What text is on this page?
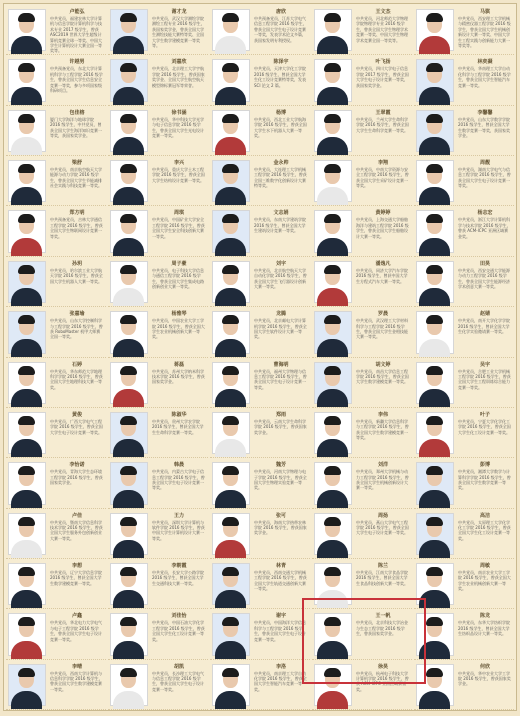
卢能弘
中共党员，福建农林大学计算机与信息学院计算机科学与技术专业 2017 级学生，曾获 ASC2019 世界大学生超级计算机竞赛全球一等奖、中国大学生计算机设计大赛全国一等奖等。
谢才龙
中共党员，武汉大学测绘学院测绘工程专业 2016 级学生，获国家奖学金，曾获全国大学生测绘技能大赛特等奖、全国大学生数学建模竞赛一等奖等。
唐欣
中共预备党员，江苏大学电气信息工程学院 2016 级学生，曾获全国大学生电子设计竞赛一等奖，发表学术论文多篇，获国家发明专利授权。
王文杰
中共党员，河北师范大学物理学院物理学专业 2016 级学生，曾获全国大学生物理学术竞赛一等奖、中国大学生物理学术竞赛全国一等奖等。
马骐
中共党员，西安理工大学机械与精密仪器工程学院 2016 级学生，曾获全国大学生机械创新设计大赛一等奖、中国大学生工程实践与创新能力大赛一等奖等。
许越男
中共预备党员，东北大学计算机科学与工程学院 2016 级学生，曾获全国大学生信息安全竞赛一等奖，参与多项国家级科研项目。
刘嘉欣
中共党员，北京理工大学宇航学院 2016 级学生，曾获国家奖学金、全国大学生航空航天模型锦标赛冠军等荣誉。
陈泽宇
中共党员，天津大学化工学院 2016 级学生，曾获全国大学生化工设计竞赛特等奖，发表 SCI 论文 2 篇。
叶飞扬
中共党员，四川大学电子信息学院 2017 级学生，曾获全国大学生电子设计竞赛一等奖，获国家奖学金。
林奕凝
中共党员，华南理工大学自动化科学与工程学院 2016 级学生，曾获全国大学生智能汽车竞赛一等奖。
包佳榕
厦门大学海洋与地球学院 2016 级学生，中共党员，曾获全国大学生海洋知识竞赛一等奖，获国家奖学金。
徐书涵
中共党员，华中科技大学光学与电子信息学院 2016 级学生，曾获全国大学生光电设计竞赛一等奖。
杨博
中共党员，西北工业大学航海学院 2016 级学生，曾获全国大学生水下机器人大赛一等奖。
王翠霞
中共党员，兰州大学生命科学学院 2016 级学生，曾获全国大学生生命科学竞赛一等奖。
李馨馨
中共党员，山东大学数学学院 2016 级学生，曾获全国大学生数学竞赛一等奖，获国家奖学金。
梁舒
中共党员，南京航空航天大学能源与动力学院 2016 级学生，曾获全国大学生节能减排社会实践与科技竞赛一等奖。
李兴
中共党员，重庆大学土木工程学院 2016 级学生，曾获全国大学生结构设计竞赛一等奖。
金永帅
中共党员，大连理工大学机械工程学院 2016 级学生，曾获全国三维数字化创新设计大赛特等奖。
李翔
中共党员，中南大学资源与安全工程学院 2016 级学生，曾获全国大学生采矿设计竞赛一等奖。
周靓
中共党员，湖南大学电气与信息工程学院 2016 级学生，曾获全国大学生电子设计竞赛一等奖。
郑方明
中共预备党员，吉林大学通信工程学院 2016 级学生，曾获全国大学生物联网设计竞赛一等奖。
周琪
中共党员，中国矿业大学安全工程学院 2016 级学生，曾获全国大学生安全科技创新大赛一等奖。
文志娟
中共党员，东南大学建筑学院 2016 级学生，曾获全国大学生建筑设计竞赛一等奖。
黄婷婷
中共党员，上海交通大学船舶海洋与建筑工程学院 2016 级学生，曾获全国大学生船舶设计大赛一等奖。
杨志宏
中共党员，浙江大学计算机科学与技术学院 2016 级学生，曾获 ACM-ICPC 亚洲区域赛金奖。
孙玥
中共党员，哈尔滨工业大学航天学院 2016 级学生，曾获全国大学生机器人大赛一等奖。
周子豪
中共党员，电子科技大学信息与通信工程学院 2016 级学生，曾获全国大学生集成电路创新创业大赛一等奖。
刘宇
中共党员，北京航空航天大学自动化学院 2016 级学生，曾获全国大学生飞行器设计创新大赛一等奖。
潘逸凡
中共党员，同济大学汽车学院 2016 级学生，曾获中国大学生方程式汽车大赛一等奖。
田昊
中共党员，西安交通大学能源与动力工程学院 2016 级学生，曾获全国大学生能源经济学术创意大赛一等奖。
张嘉瑜
中共党员，山东大学控制科学与工程学院 2016 级学生，曾获 RoboMaster 机甲大师赛全国一等奖。
杨雅琴
中共党员，中国农业大学工学院 2016 级学生，曾获全国大学生农业机械创新大赛一等奖。
龙腾
中共党员，北京邮电大学计算机学院 2016 级学生，曾获全国大学生软件设计大赛一等奖。
罗晨
中共党员，武汉理工大学材料科学与工程学院 2016 级学生，曾获全国大学生金相技能大赛一等奖。
赵婧
中共党员，南开大学化学学院 2016 级学生，曾获全国大学生化学实验邀请赛一等奖。
石婷
中共党员，华东师范大学地理科学学院 2016 级学生，曾获全国大学生地理科技大赛一等奖。
蒋磊
中共党员，苏州大学纳米科学技术学院 2016 级学生，曾获国家奖学金。
曹海明
中共党员，福州大学物理与信息工程学院 2016 级学生，曾获全国大学生电子设计竞赛一等奖。
胡文婷
中共党员，南昌大学信息工程学院 2016 级学生，曾获全国大学生数学建模竞赛一等奖。
吴宇
中共党员，合肥工业大学机械工程学院 2016 级学生，曾获全国大学生工程训练综合能力竞赛一等奖。
黄俊
中共党员，广西大学电气工程学院 2016 级学生，曾获全国大学生电子设计竞赛一等奖。
陈淑华
中共党员，贵州大学农学院 2016 级学生，曾获全国大学生生命科学竞赛一等奖。
郑雨
中共党员，云南大学生命科学学院 2016 级学生，曾获国家奖学金。
李伟
中共党员，新疆大学信息科学与工程学院 2016 级学生，曾获全国大学生数学建模竞赛一等奖。
叶子
中共党员，宁夏大学化学化工学院 2016 级学生，曾获全国大学生化工设计竞赛一等奖。
李怡诺
中共党员，青海大学生态环境工程学院 2016 级学生，曾获国家奖学金。
韩晨
中共党员，内蒙古大学电子信息工程学院 2016 级学生，曾获全国大学生电子设计竞赛一等奖。
魏芳
中共党员，河南大学物理与电子学院 2016 级学生，曾获全国大学生物理实验竞赛一等奖。
刘洋
中共党员，郑州大学机械与动力工程学院 2016 级学生，曾获全国大学生机械创新设计大赛一等奖。
彭博
中共党员，湘潭大学数学与计算科学学院 2016 级学生，曾获全国大学生数学竞赛一等奖。
卢佳
中共党员，暨南大学信息科学技术学院 2016 级学生，曾获全国大学生服务外包创新创业大赛一等奖。
王力
中共党员，深圳大学计算机与软件学院 2016 级学生，曾获中国大学生计算机设计大赛一等奖。
张可
中共党员，海南大学热带农林学院 2016 级学生，曾获国家奖学金。
周扬
中共党员，燕山大学电气工程学院 2016 级学生，曾获全国大学生电子设计竞赛一等奖。
高洁
中共党员，太原理工大学化学化工学院 2016 级学生，曾获全国大学生化工设计竞赛一等奖。
李想
中共党员，辽宁大学信息学院 2016 级学生，曾获全国大学生数学建模竞赛一等奖。
李朝霞
中共党员，长安大学公路学院 2016 级学生，曾获全国大学生交通科技大赛一等奖。
林青
中共党员，西南交通大学机械工程学院 2016 级学生，曾获全国大学生轨道交通创新大赛一等奖。
陈兰
中共党员，江南大学食品学院 2016 级学生，曾获全国大学生食品科技创新大赛一等奖。
周敏
中共党员，南京农业大学工学院 2016 级学生，曾获全国大学生农业机械创新大赛一等奖。
卢鑫
中共党员，华北电力大学电气与电子工程学院 2016 级学生，曾获全国大学生电子设计竞赛一等奖。
刘佳怡
中共党员，中国石油大学化学工程学院 2016 级学生，曾获全国大学生化工设计竞赛一等奖。
谢宇
中共党员，中国海洋大学信息科学与工程学院 2016 级学生，曾获全国大学生电子设计竞赛一等奖。
王一帆
中共党员，北京科技大学冶金与生态工程学院 2016 级学生，曾获国家奖学金。
陈龙
中共党员，东华大学纺织学院 2016 级学生，曾获全国大学生纺织品设计大赛一等奖。
李晴
中共党员，西南大学计算机与信息科学学院 2016 级学生，曾获全国大学生数学建模竞赛一等奖。
胡凯
中共党员，长沙理工大学电气与信息工程学院 2016 级学生，曾获全国大学生电子设计竞赛一等奖。
李洛
中共党员，南京理工大学自动化学院 2016 级学生，曾获全国大学生智能汽车竞赛一等奖。
徐昊
中共党员，杭州电子科技大学计算机学院 2016 级学生，曾获 ACM-ICPC 亚洲区域赛银奖。
何欣
中共党员，华中农业大学工学院 2016 级学生，曾获国家奖学金。
